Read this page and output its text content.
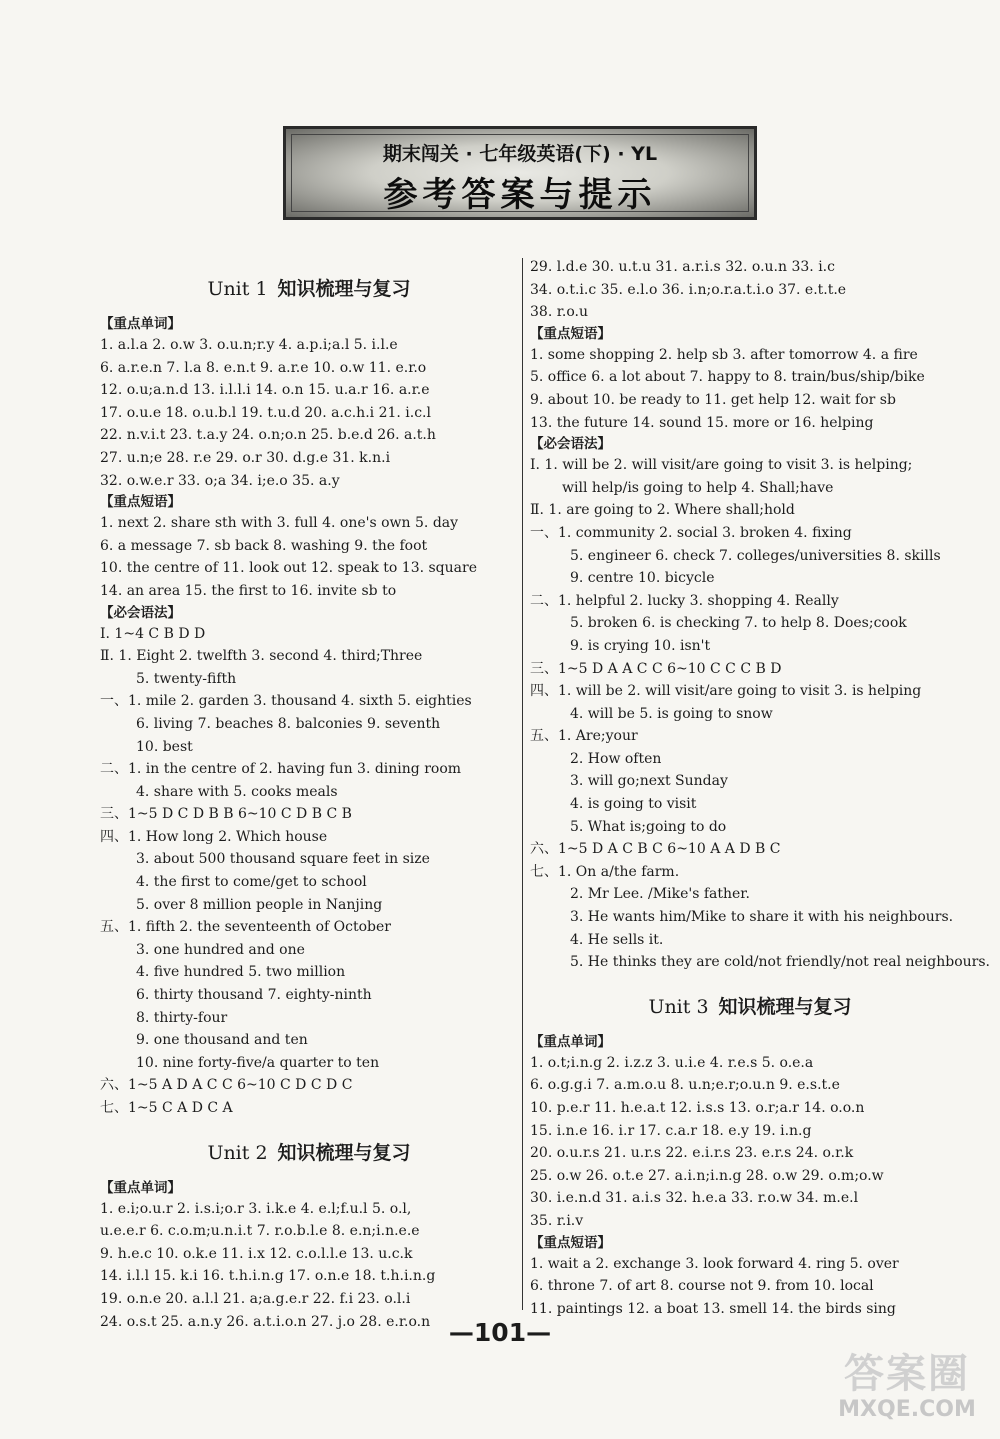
期末闯关 · 七年级英语(下) · YL
参考答案与提示
Unit 1 知识梳理与复习
【重点单词】
1. a.l.a 2. o.w 3. o.u.n;r.y 4. a.p.i;a.l 5. i.l.e
6. a.r.e.n 7. l.a 8. e.n.t 9. a.r.e 10. o.w 11. e.r.o
12. o.u;a.n.d 13. i.l.l.i 14. o.n 15. u.a.r 16. a.r.e
17. o.u.e 18. o.u.b.l 19. t.u.d 20. a.c.h.i 21. i.c.l
22. n.v.i.t 23. t.a.y 24. o.n;o.n 25. b.e.d 26. a.t.h
27. u.n;e 28. r.e 29. o.r 30. d.g.e 31. k.n.i
32. o.w.e.r 33. o;a 34. i;e.o 35. a.y
【重点短语】
1. next 2. share sth with 3. full 4. one's own 5. day
6. a message 7. sb back 8. washing 9. the foot
10. the centre of 11. look out 12. speak to 13. square
14. an area 15. the first to 16. invite sb to
【必会语法】
Ⅰ. 1~4 C B D D
Ⅱ. 1. Eight 2. twelfth 3. second 4. third;Three
5. twenty-fifth
一、1. mile 2. garden 3. thousand 4. sixth 5. eighties
6. living 7. beaches 8. balconies 9. seventh
10. best
二、1. in the centre of 2. having fun 3. dining room
4. share with 5. cooks meals
三、1~5 D C D B B 6~10 C D B C B
四、1. How long 2. Which house
3. about 500 thousand square feet in size
4. the first to come/get to school
5. over 8 million people in Nanjing
五、1. fifth 2. the seventeenth of October
3. one hundred and one
4. five hundred 5. two million
6. thirty thousand 7. eighty-ninth
8. thirty-four
9. one thousand and ten
10. nine forty-five/a quarter to ten
六、1~5 A D A C C 6~10 C D C D C
七、1~5 C A D C A
Unit 2 知识梳理与复习
【重点单词】
1. e.i;o.u.r 2. i.s.i;o.r 3. i.k.e 4. e.l;f.u.l 5. o.l,
u.e.e.r 6. c.o.m;u.n.i.t 7. r.o.b.l.e 8. e.n;i.n.e.e
9. h.e.c 10. o.k.e 11. i.x 12. c.o.l.l.e 13. u.c.k
14. i.l.l 15. k.i 16. t.h.i.n.g 17. o.n.e 18. t.h.i.n.g
19. o.n.e 20. a.l.l 21. a;a.g.e.r 22. f.i 23. o.l.i
24. o.s.t 25. a.n.y 26. a.t.i.o.n 27. j.o 28. e.r.o.n
29. l.d.e 30. u.t.u 31. a.r.i.s 32. o.u.n 33. i.c
34. o.t.i.c 35. e.l.o 36. i.n;o.r.a.t.i.o 37. e.t.t.e
38. r.o.u
【重点短语】
1. some shopping 2. help sb 3. after tomorrow 4. a fire
5. office 6. a lot about 7. happy to 8. train/bus/ship/bike
9. about 10. be ready to 11. get help 12. wait for sb
13. the future 14. sound 15. more or 16. helping
【必会语法】
Ⅰ. 1. will be 2. will visit/are going to visit 3. is helping;
will help/is going to help 4. Shall;have
Ⅱ. 1. are going to 2. Where shall;hold
一、1. community 2. social 3. broken 4. fixing
5. engineer 6. check 7. colleges/universities 8. skills
9. centre 10. bicycle
二、1. helpful 2. lucky 3. shopping 4. Really
5. broken 6. is checking 7. to help 8. Does;cook
9. is crying 10. isn't
三、1~5 D A A C C 6~10 C C C B D
四、1. will be 2. will visit/are going to visit 3. is helping
4. will be 5. is going to snow
五、1. Are;your
2. How often
3. will go;next Sunday
4. is going to visit
5. What is;going to do
六、1~5 D A C B C 6~10 A A D B C
七、1. On a/the farm.
2. Mr Lee. /Mike's father.
3. He wants him/Mike to share it with his neighbours.
4. He sells it.
5. He thinks they are cold/not friendly/not real neighbours.
Unit 3 知识梳理与复习
【重点单词】
1. o.t;i.n.g 2. i.z.z 3. u.i.e 4. r.e.s 5. o.e.a
6. o.g.g.i 7. a.m.o.u 8. u.n;e.r;o.u.n 9. e.s.t.e
10. p.e.r 11. h.e.a.t 12. i.s.s 13. o.r;a.r 14. o.o.n
15. i.n.e 16. i.r 17. c.a.r 18. e.y 19. i.n.g
20. o.u.r.s 21. u.r.s 22. e.i.r.s 23. e.r.s 24. o.r.k
25. o.w 26. o.t.e 27. a.i.n;i.n.g 28. o.w 29. o.m;o.w
30. i.e.n.d 31. a.i.s 32. h.e.a 33. r.o.w 34. m.e.l
35. r.i.v
【重点短语】
1. wait a 2. exchange 3. look forward 4. ring 5. over
6. throne 7. of art 8. course not 9. from 10. local
11. paintings 12. a boat 13. smell 14. the birds sing
—101—
答案圈
MXQE.COM
